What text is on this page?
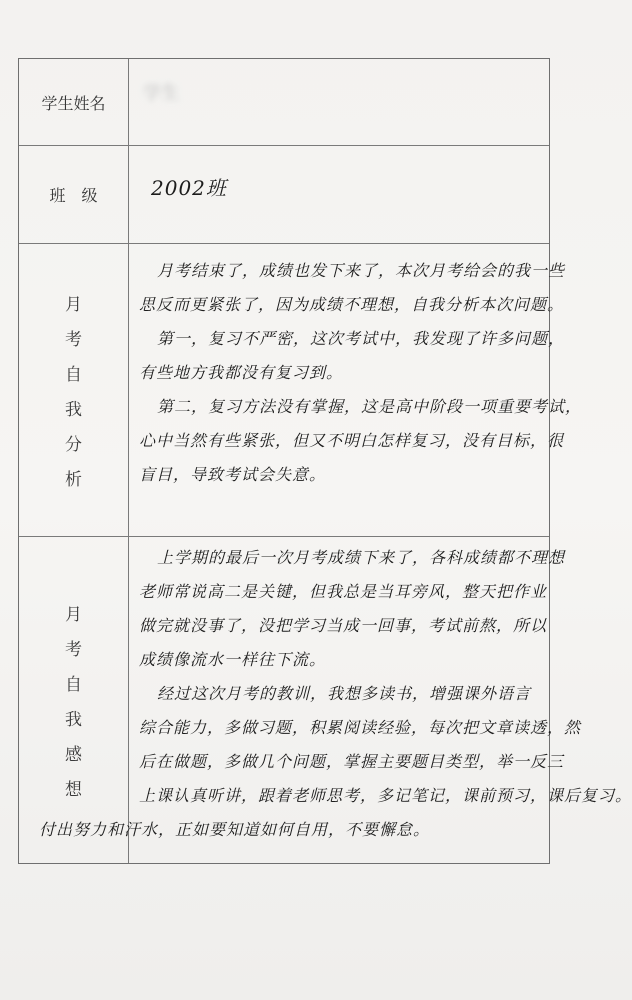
学生姓名	学生
班　级	2002班
月
考
自
我
分
析

月考结束了，成绩也发下来了，本次月考给会的我一些

思反而更紧张了，因为成绩不理想，自我分析本次问题。

第一，复习不严密，这次考试中，我发现了许多问题，

有些地方我都没有复习到。

第二，复习方法没有掌握，这是高中阶段一项重要考试，

心中当然有些紧张，但又不明白怎样复习，没有目标，很

盲目，导致考试会失意。

月
考
自
我
感
想

上学期的最后一次月考成绩下来了，各科成绩都不理想

老师常说高二是关键，但我总是当耳旁风，整天把作业

做完就没事了，没把学习当成一回事，考试前熬，所以

成绩像流水一样往下流。

经过这次月考的教训，我想多读书，增强课外语言

综合能力，多做习题，积累阅读经验，每次把文章读透，然

后在做题，多做几个问题，掌握主要题目类型，举一反三

上课认真听讲，跟着老师思考，多记笔记，课前预习，课后复习。

付出努力和汗水，正如要知道如何自用，不要懈怠。
